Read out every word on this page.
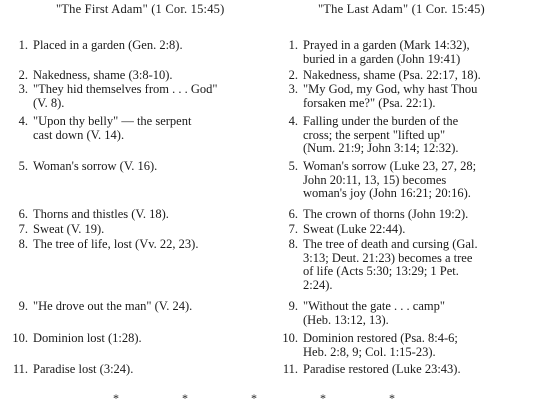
"The First Adam" (1 Cor. 15:45)	"The Last Adam" (1 Cor. 15:45)
1. Placed in a garden (Gen. 2:8).
2. Nakedness, shame (3:8-10).
3. "They hid themselves from . . . God"
(V. 8).
4. "Upon thy belly" — the serpent
cast down (V. 14).
5. Woman's sorrow (V. 16).
6. Thorns and thistles (V. 18).
7. Sweat (V. 19).
8. The tree of life, lost (Vv. 22, 23).
9. "He drove out the man" (V. 24).
10. Dominion lost (1:28).
11. Paradise lost (3:24).
1. Prayed in a garden (Mark 14:32),
buried in a garden (John 19:41)
2. Nakedness, shame (Psa. 22:17, 18).
3. "My God, my God, why hast Thou
forsaken me?" (Psa. 22:1).
4. Falling under the burden of the
cross; the serpent "lifted up"
(Num. 21:9; John 3:14; 12:32).
5. Woman's sorrow (Luke 23, 27, 28;
John 20:11, 13, 15) becomes
woman's joy (John 16:21; 20:16).
6. The crown of thorns (John 19:2).
7. Sweat (Luke 22:44).
8. The tree of death and cursing (Gal.
3:13; Deut. 21:23) becomes a tree
of life (Acts 5:30; 13:29; 1 Pet.
2:24).
9. "Without the gate . . . camp"
(Heb. 13:12, 13).
10. Dominion restored (Psa. 8:4-6;
Heb. 2:8, 9; Col. 1:15-23).
11. Paradise restored (Luke 23:43).
* * * * *
